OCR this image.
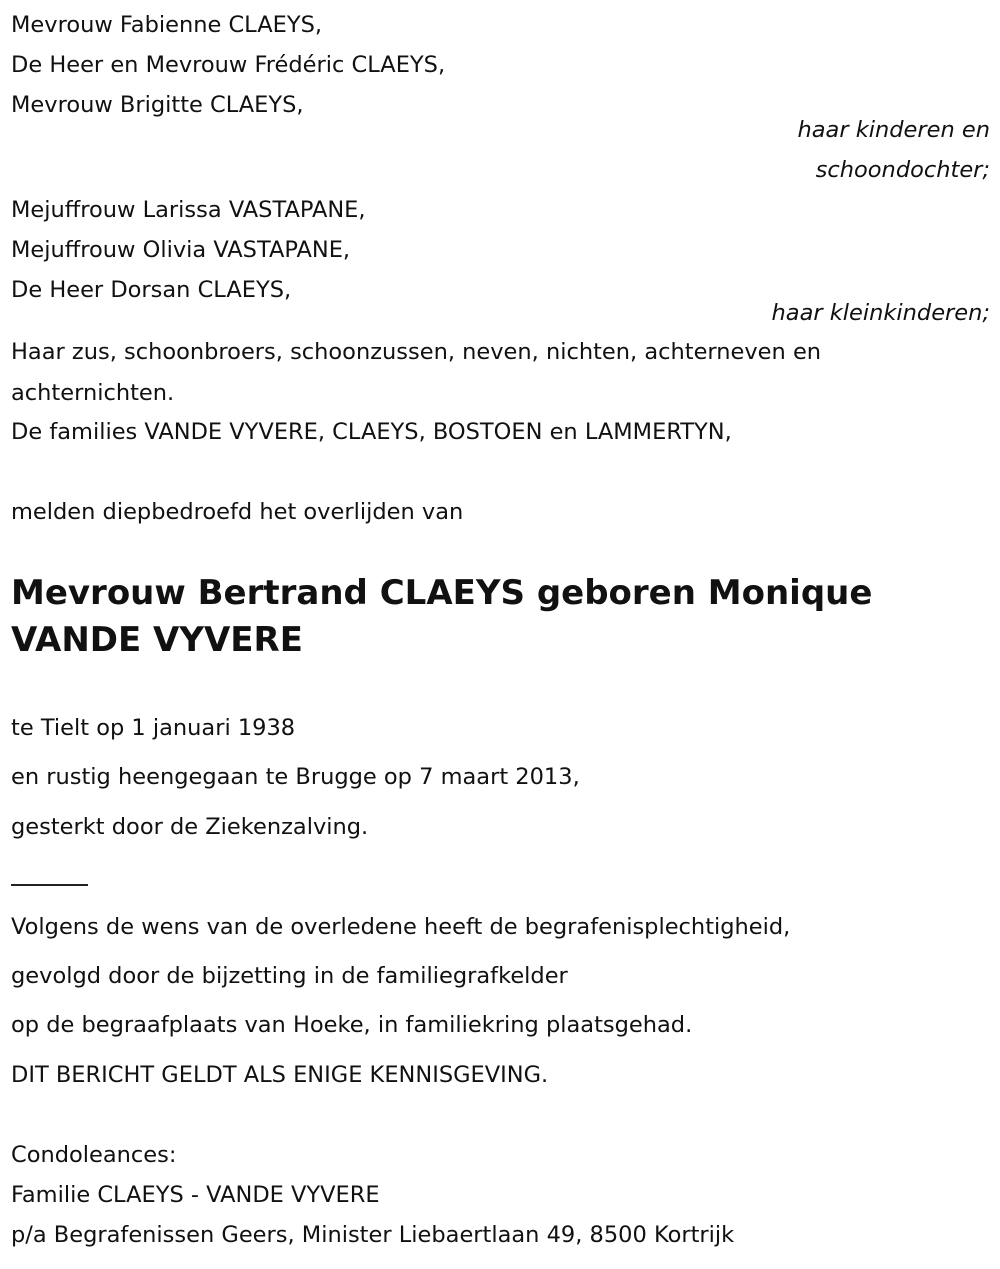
Mevrouw Fabienne CLAEYS,
De Heer en Mevrouw Frédéric CLAEYS,
Mevrouw Brigitte CLAEYS,
haar kinderen en
schoondochter;
Mejuffrouw Larissa VASTAPANE,
Mejuffrouw Olivia VASTAPANE,
De Heer Dorsan CLAEYS,
haar kleinkinderen;
Haar zus, schoonbroers, schoonzussen, neven, nichten, achterneven en
achternichten.
De families VANDE VYVERE, CLAEYS, BOSTOEN en LAMMERTYN,
melden diepbedroefd het overlijden van
Mevrouw Bertrand CLAEYS geboren Monique
VANDE VYVERE
te Tielt op 1 januari 1938
en rustig heengegaan te Brugge op 7 maart 2013,
gesterkt door de Ziekenzalving.
Volgens de wens van de overledene heeft de begrafenisplechtigheid,
gevolgd door de bijzetting in de familiegrafkelder
op de begraafplaats van Hoeke, in familiekring plaatsgehad.
DIT BERICHT GELDT ALS ENIGE KENNISGEVING.
Condoleances:
Familie CLAEYS - VANDE VYVERE
p/a Begrafenissen Geers, Minister Liebaertlaan 49, 8500 Kortrijk
